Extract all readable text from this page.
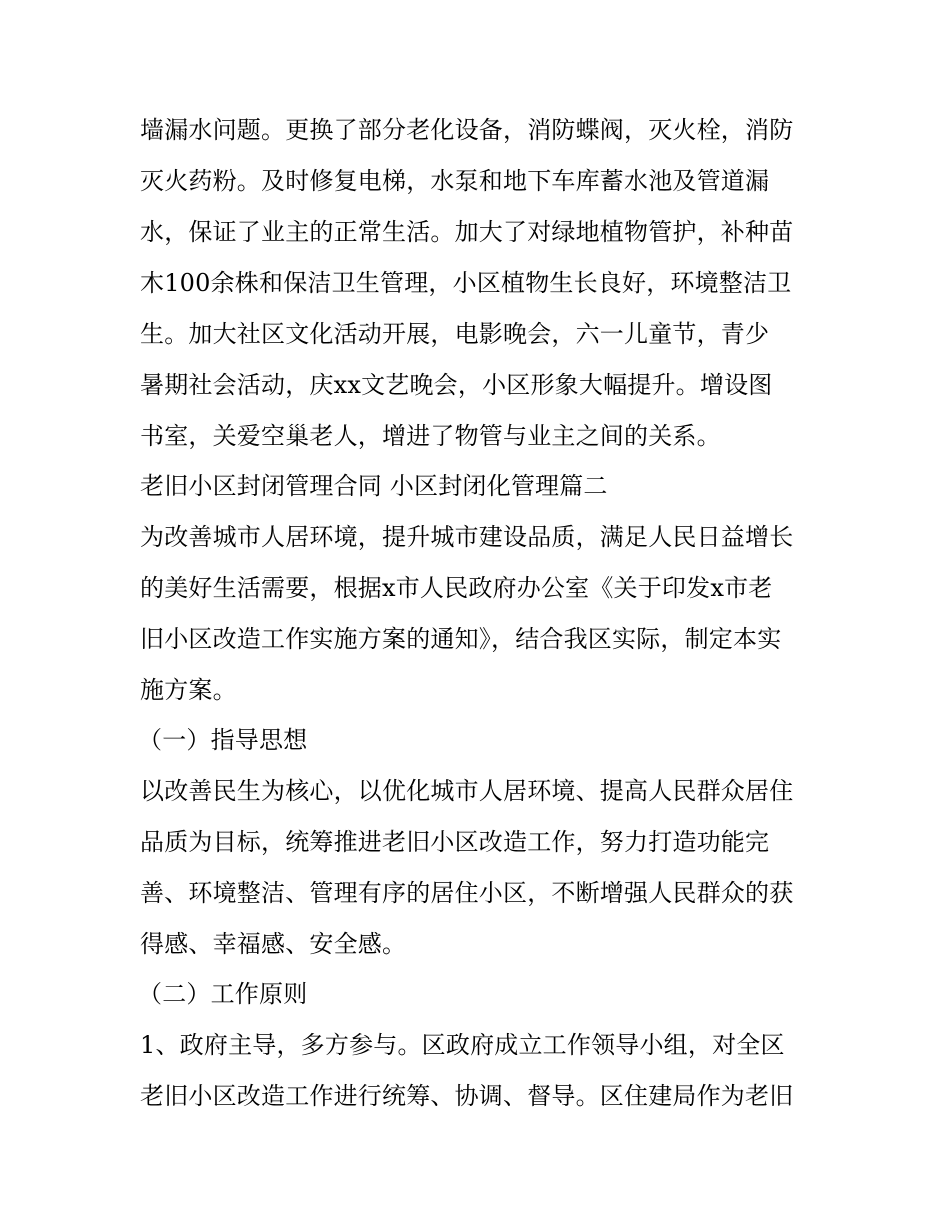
墙漏水问题。更换了部分老化设备，消防蝶阀，灭火栓，消防
灭火药粉。及时修复电梯，水泵和地下车库蓄水池及管道漏
水，保证了业主的正常生活。加大了对绿地植物管护，补种苗
木100余株和保洁卫生管理，小区植物生长良好，环境整洁卫
生。加大社区文化活动开展，电影晚会，六一儿童节，青少
暑期社会活动，庆xx文艺晚会，小区形象大幅提升。增设图
书室，关爱空巢老人，增进了物管与业主之间的关系。
老旧小区封闭管理合同 小区封闭化管理篇二
为改善城市人居环境，提升城市建设品质，满足人民日益增长
的美好生活需要，根据x市人民政府办公室《关于印发x市老
旧小区改造工作实施方案的通知》，结合我区实际，制定本实
施方案。
（一）指导思想
以改善民生为核心，以优化城市人居环境、提高人民群众居住
品质为目标，统筹推进老旧小区改造工作，努力打造功能完
善、环境整洁、管理有序的居住小区，不断增强人民群众的获
得感、幸福感、安全感。
（二）工作原则
1、政府主导，多方参与。区政府成立工作领导小组，对全区
老旧小区改造工作进行统筹、协调、督导。区住建局作为老旧
